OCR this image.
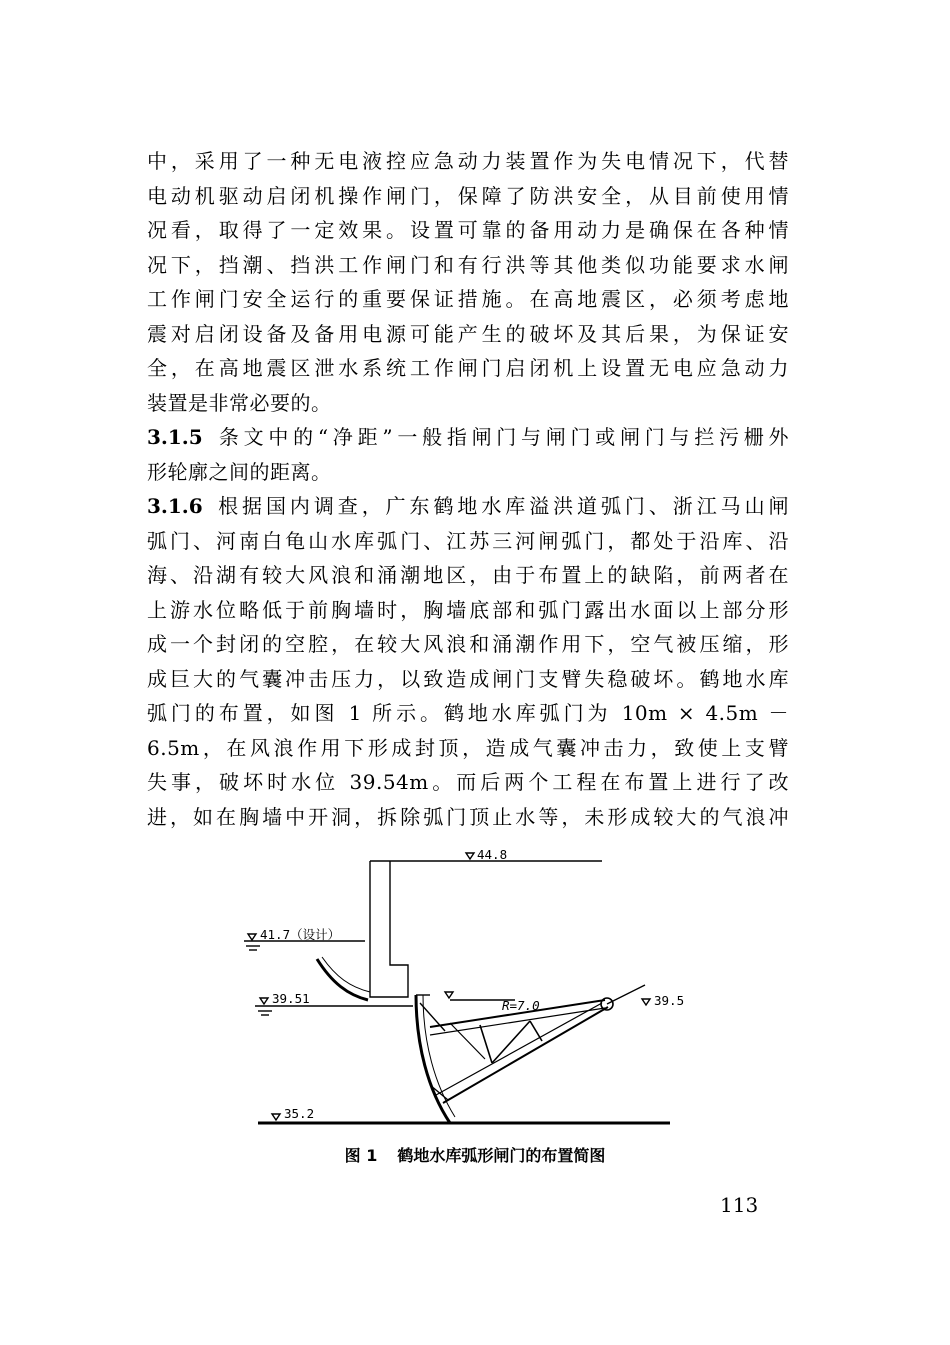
中，采用了一种无电液控应急动力装置作为失电情况下，代替
电动机驱动启闭机操作闸门，保障了防洪安全，从目前使用情
况看，取得了一定效果。设置可靠的备用动力是确保在各种情
况下，挡潮、挡洪工作闸门和有行洪等其他类似功能要求水闸
工作闸门安全运行的重要保证措施。在高地震区，必须考虑地
震对启闭设备及备用电源可能产生的破坏及其后果，为保证安
全，在高地震区泄水系统工作闸门启闭机上设置无电应急动力
装置是非常必要的。
3.1.5 条文中的“净距”一般指闸门与闸门或闸门与拦污栅外
形轮廓之间的距离。
3.1.6 根据国内调查，广东鹤地水库溢洪道弧门、浙江马山闸
弧门、河南白龟山水库弧门、江苏三河闸弧门，都处于沿库、沿
海、沿湖有较大风浪和涌潮地区，由于布置上的缺陷，前两者在
上游水位略低于前胸墙时，胸墙底部和弧门露出水面以上部分形
成一个封闭的空腔，在较大风浪和涌潮作用下，空气被压缩，形
成巨大的气囊冲击压力，以致造成闸门支臂失稳破坏。鹤地水库
弧门的布置，如图 1 所示。鹤地水库弧门为 10m × 4.5m －
6.5m，在风浪作用下形成封顶，造成气囊冲击力，致使上支臂
失事，破坏时水位 39.54m。而后两个工程在布置上进行了改
进，如在胸墙中开洞，拆除弧门顶止水等，未形成较大的气浪冲
44.8
41.7（设计）
39.51	R=7.0	39.5
35.2
图 1 鹤地水库弧形闸门的布置简图
113
